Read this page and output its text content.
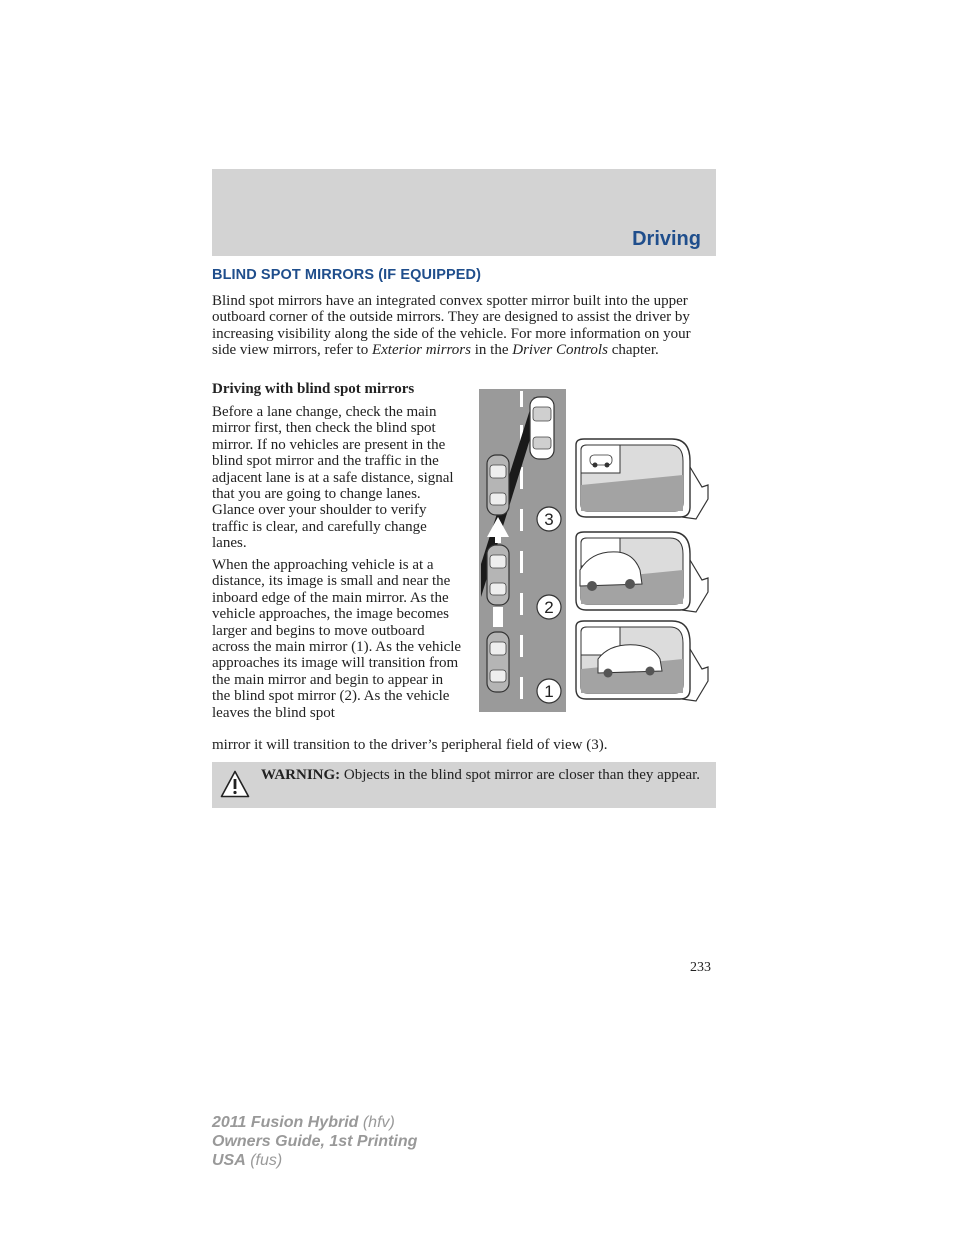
Driving
BLIND SPOT MIRRORS (IF EQUIPPED)

Blind spot mirrors have an integrated convex spotter mirror built into the upper outboard corner of the outside mirrors. They are designed to assist the driver by increasing visibility along the side of the vehicle. For more information on your side view mirrors, refer to Exterior mirrors in the Driver Controls chapter.

Driving with blind spot mirrors

Before a lane change, check the main mirror first, then check the blind spot mirror. If no vehicles are present in the blind spot mirror and the traffic in the adjacent lane is at a safe distance, signal that you are going to change lanes. Glance over your shoulder to verify traffic is clear, and carefully change lanes.

When the approaching vehicle is at a distance, its image is small and near the inboard edge of the main mirror. As the vehicle approaches, the image becomes larger and begins to move outboard across the main mirror (1). As the vehicle approaches its image will transition from the main mirror and begin to appear in the blind spot mirror (2). As the vehicle leaves the blind spot

mirror it will transition to the driver’s peripheral field of view (3).

3
2
1

WARNING: Objects in the blind spot mirror are closer than they appear.

233
2011 Fusion Hybrid (hfv)
Owners Guide, 1st Printing
USA (fus)
